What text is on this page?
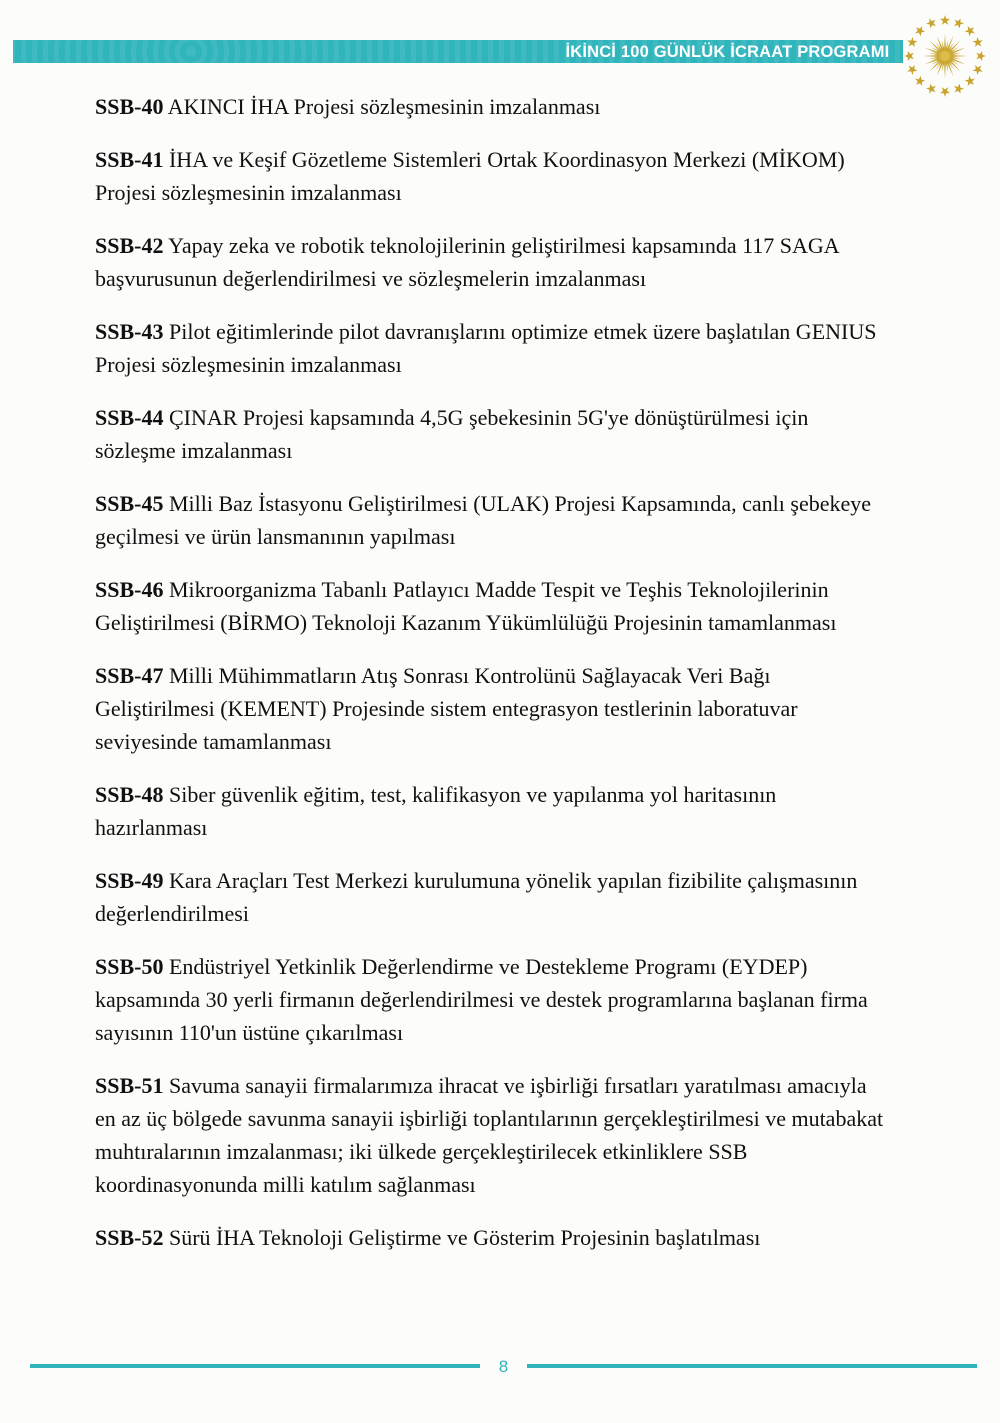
İKİNCİ 100 GÜNLÜK İCRAAT PROGRAMI

SSB-40 AKINCI İHA Projesi sözleşmesinin imzalanması

SSB-41 İHA ve Keşif Gözetleme Sistemleri Ortak Koordinasyon Merkezi (MİKOM) Projesi sözleşmesinin imzalanması

SSB-42 Yapay zeka ve robotik teknolojilerinin geliştirilmesi kapsamında 117 SAGA başvurusunun değerlendirilmesi ve sözleşmelerin imzalanması

SSB-43 Pilot eğitimlerinde pilot davranışlarını optimize etmek üzere başlatılan GENIUS Projesi sözleşmesinin imzalanması

SSB-44 ÇINAR Projesi kapsamında 4,5G şebekesinin 5G'ye dönüştürülmesi için sözleşme imzalanması

SSB-45 Milli Baz İstasyonu Geliştirilmesi (ULAK) Projesi Kapsamında, canlı şebekeye geçilmesi ve ürün lansmanının yapılması

SSB-46 Mikroorganizma Tabanlı Patlayıcı Madde Tespit ve Teşhis Teknolojilerinin Geliştirilmesi (BİRMO) Teknoloji Kazanım Yükümlülüğü Projesinin tamamlanması

SSB-47 Milli Mühimmatların Atış Sonrası Kontrolünü Sağlayacak Veri Bağı Geliştirilmesi (KEMENT) Projesinde sistem entegrasyon testlerinin laboratuvar seviyesinde tamamlanması

SSB-48 Siber güvenlik eğitim, test, kalifikasyon ve yapılanma yol haritasının hazırlanması

SSB-49 Kara Araçları Test Merkezi kurulumuna yönelik yapılan fizibilite çalışmasının değerlendirilmesi

SSB-50 Endüstriyel Yetkinlik Değerlendirme ve Destekleme Programı (EYDEP) kapsamında 30 yerli firmanın değerlendirilmesi ve destek programlarına başlanan firma sayısının 110'un üstüne çıkarılması

SSB-51 Savuma sanayii firmalarımıza ihracat ve işbirliği fırsatları yaratılması amacıyla en az üç bölgede savunma sanayii işbirliği toplantılarının gerçekleştirilmesi ve mutabakat muhtıralarının imzalanması; iki ülkede gerçekleştirilecek etkinliklere SSB koordinasyonunda milli katılım sağlanması

SSB-52 Sürü İHA Teknoloji Geliştirme ve Gösterim Projesinin başlatılması

8
